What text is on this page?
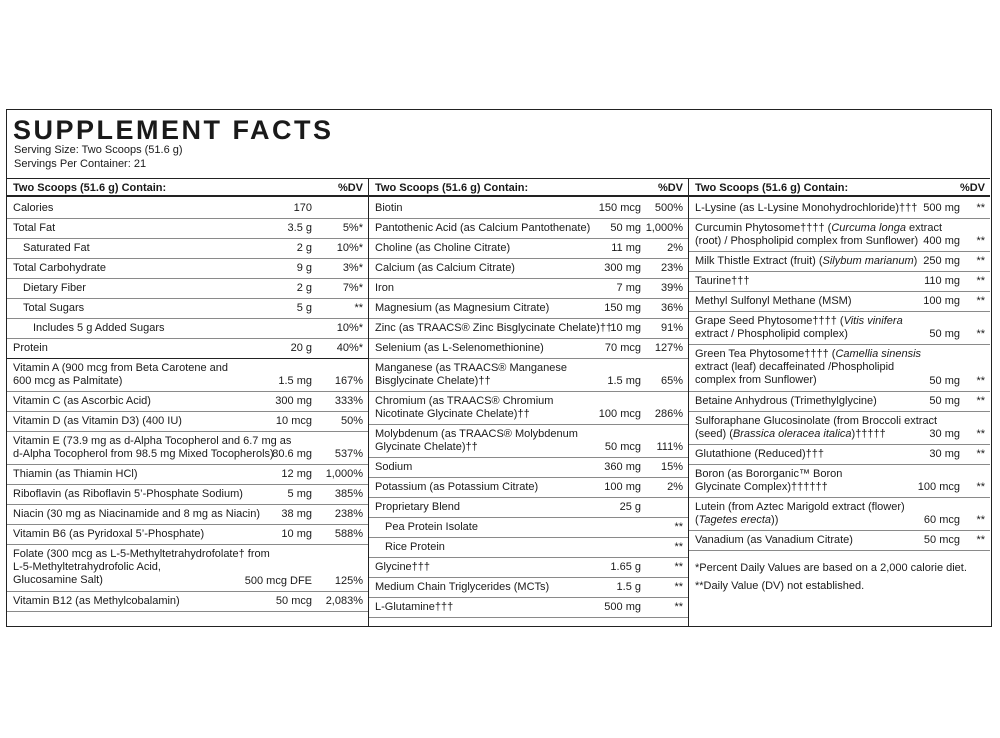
SUPPLEMENT FACTS
Serving Size: Two Scoops (51.6 g)
Servings Per Container: 21
Two Scoops (51.6 g) Contain:	%DV
Calories	170
Total Fat	3.5 g	5%*
Saturated Fat	2 g 10%*
Total Carbohydrate	9 g	3%*
Dietary Fiber	2 g	7%*
Total Sugars	5 g	**
Includes 5 g Added Sugars	10%*
Protein	20 g 40%*
Vitamin A (900 mcg from Beta Carotene and
600 mcg as Palmitate)	1.5 mg 167%
Vitamin C (as Ascorbic Acid)	300 mg 333%
Vitamin D (as Vitamin D3) (400 IU)	10 mcg	50%
Vitamin E (73.9 mg as d-Alpha Tocopherol and 6.7 mg as
d-Alpha Tocopherol from 98.5 mg Mixed Tocopherols)
80.6 mg 537%
Thiamin (as Thiamin HCl)	12 mg 1,000%
Riboflavin (as Riboflavin 5’-Phosphate Sodium)	5 mg 385%
Niacin (30 mg as Niacinamide and 8 mg as Niacin) 38 mg 238%
Vitamin B6 (as Pyridoxal 5’-Phosphate)	10 mg 588%
Folate (300 mcg as L-5-Methyltetrahydrofolate† from
L-5-Methyltetrahydrofolic Acid,
Glucosamine Salt)	500 mcg DFE 125%
Vitamin B12 (as Methylcobalamin)	50 mcg 2,083%
Two Scoops (51.6 g) Contain:	%DV
Biotin	150 mcg 500%
Pantothenic Acid (as Calcium Pantothenate) 50 mg 1,000%
Choline (as Choline Citrate)	11 mg 2%
Calcium (as Calcium Citrate)	300 mg 23%
Iron	7 mg 39%
Magnesium (as Magnesium Citrate)	150 mg 36%
Zinc (as TRAACS® Zinc Bisglycinate Chelate)††
10 mg 91%
Selenium (as L-Selenomethionine)	70 mcg 127%
Manganese (as TRAACS® Manganese
Bisglycinate Chelate)††	1.5 mg 65%
Chromium (as TRAACS® Chromium
Nicotinate Glycinate Chelate)††	100 mcg 286%
Molybdenum (as TRAACS® Molybdenum
Glycinate Chelate)††	50 mcg 111%
Sodium	360 mg 15%
Potassium (as Potassium Citrate)	100 mg 2%
Proprietary Blend	25 g
Pea Protein Isolate	**
Rice Protein	**
Glycine†††	1.65 g	**
Medium Chain Triglycerides (MCTs)	1.5 g	**
L-Glutamine†††	500 mg	**
Two Scoops (51.6 g) Contain:	%DV
L-Lysine (as L-Lysine Monohydrochloride)††† 500 mg **
Curcumin Phytosome†††† (Curcuma longa extract
(root) / Phospholipid complex from Sunflower) 400 mg **
Milk Thistle Extract (fruit) (Silybum marianum) 250 mg **
Taurine†††	110 mg **
Methyl Sulfonyl Methane (MSM)	100 mg **
Grape Seed Phytosome†††† (Vitis vinifera
extract / Phospholipid complex)	50 mg **
Green Tea Phytosome†††† (Camellia sinensis
extract (leaf) decaffeinated /Phospholipid
complex from Sunflower)	50 mg **
Betaine Anhydrous (Trimethylglycine)	50 mg **
Sulforaphane Glucosinolate (from Broccoli extract
(seed) (Brassica oleracea italica)†††††	30 mg **
Glutathione (Reduced)†††	30 mg **
Boron (as Bororganic™ Boron
Glycinate Complex)††††††	100 mcg **
Lutein (from Aztec Marigold extract (flower)
(Tagetes erecta))	60 mcg **
Vanadium (as Vanadium Citrate)	50 mcg **
*Percent Daily Values are based on a 2,000 calorie diet.
**Daily Value (DV) not established.
